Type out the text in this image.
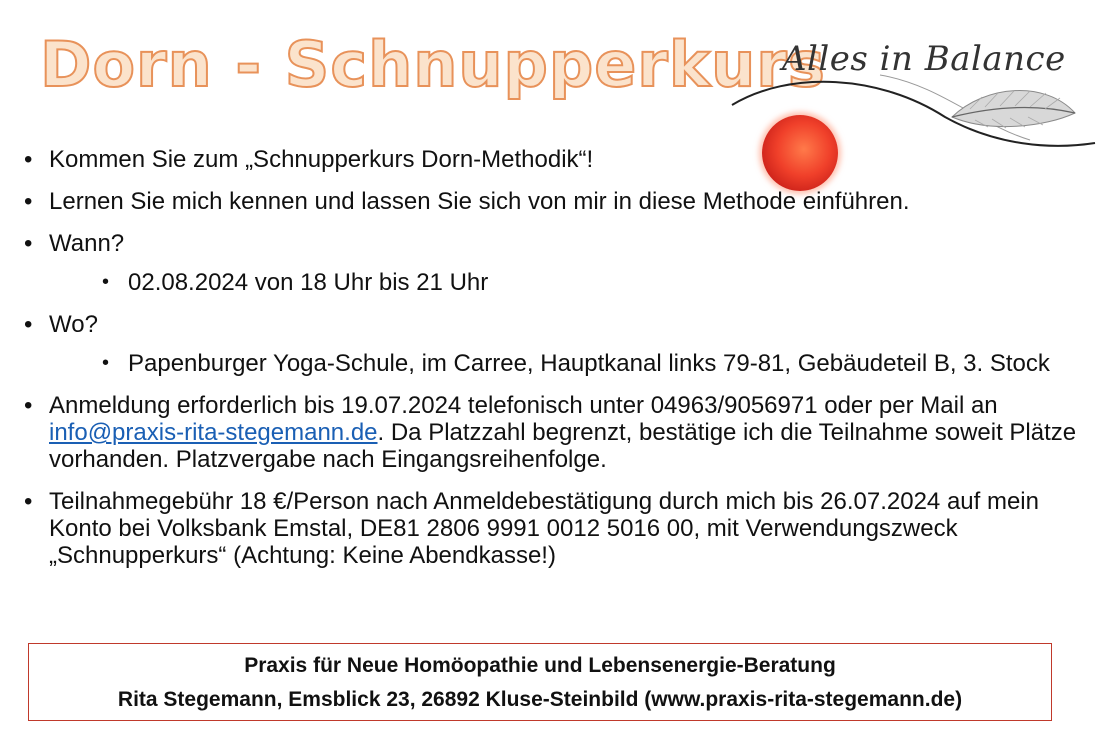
Dorn - Schnupperkurs

Alles in Balance

• Kommen Sie zum „Schnupperkurs Dorn-Methodik“!
• Lernen Sie mich kennen und lassen Sie sich von mir in diese Methode einführen.
• Wann?
• 02.08.2024 von 18 Uhr bis 21 Uhr
• Wo?
• Papenburger Yoga-Schule, im Carree, Hauptkanal links 79-81, Gebäudeteil B, 3. Stock
• Anmeldung erforderlich bis 19.07.2024 telefonisch unter 04963/9056971 oder per Mail an info@praxis-rita-stegemann.de. Da Platzzahl begrenzt, bestätige ich die Teilnahme soweit Plätze vorhanden. Platzvergabe nach Eingangsreihenfolge.
• Teilnahmegebühr 18 €/Person nach Anmeldebestätigung durch mich bis 26.07.2024 auf mein Konto bei Volksbank Emstal, DE81 2806 9991 0012 5016 00, mit Verwendungszweck „Schnupperkurs“ (Achtung: Keine Abendkasse!)
Praxis für Neue Homöopathie und Lebensenergie-Beratung
Rita Stegemann, Emsblick 23, 26892 Kluse-Steinbild (www.praxis-rita-stegemann.de)
